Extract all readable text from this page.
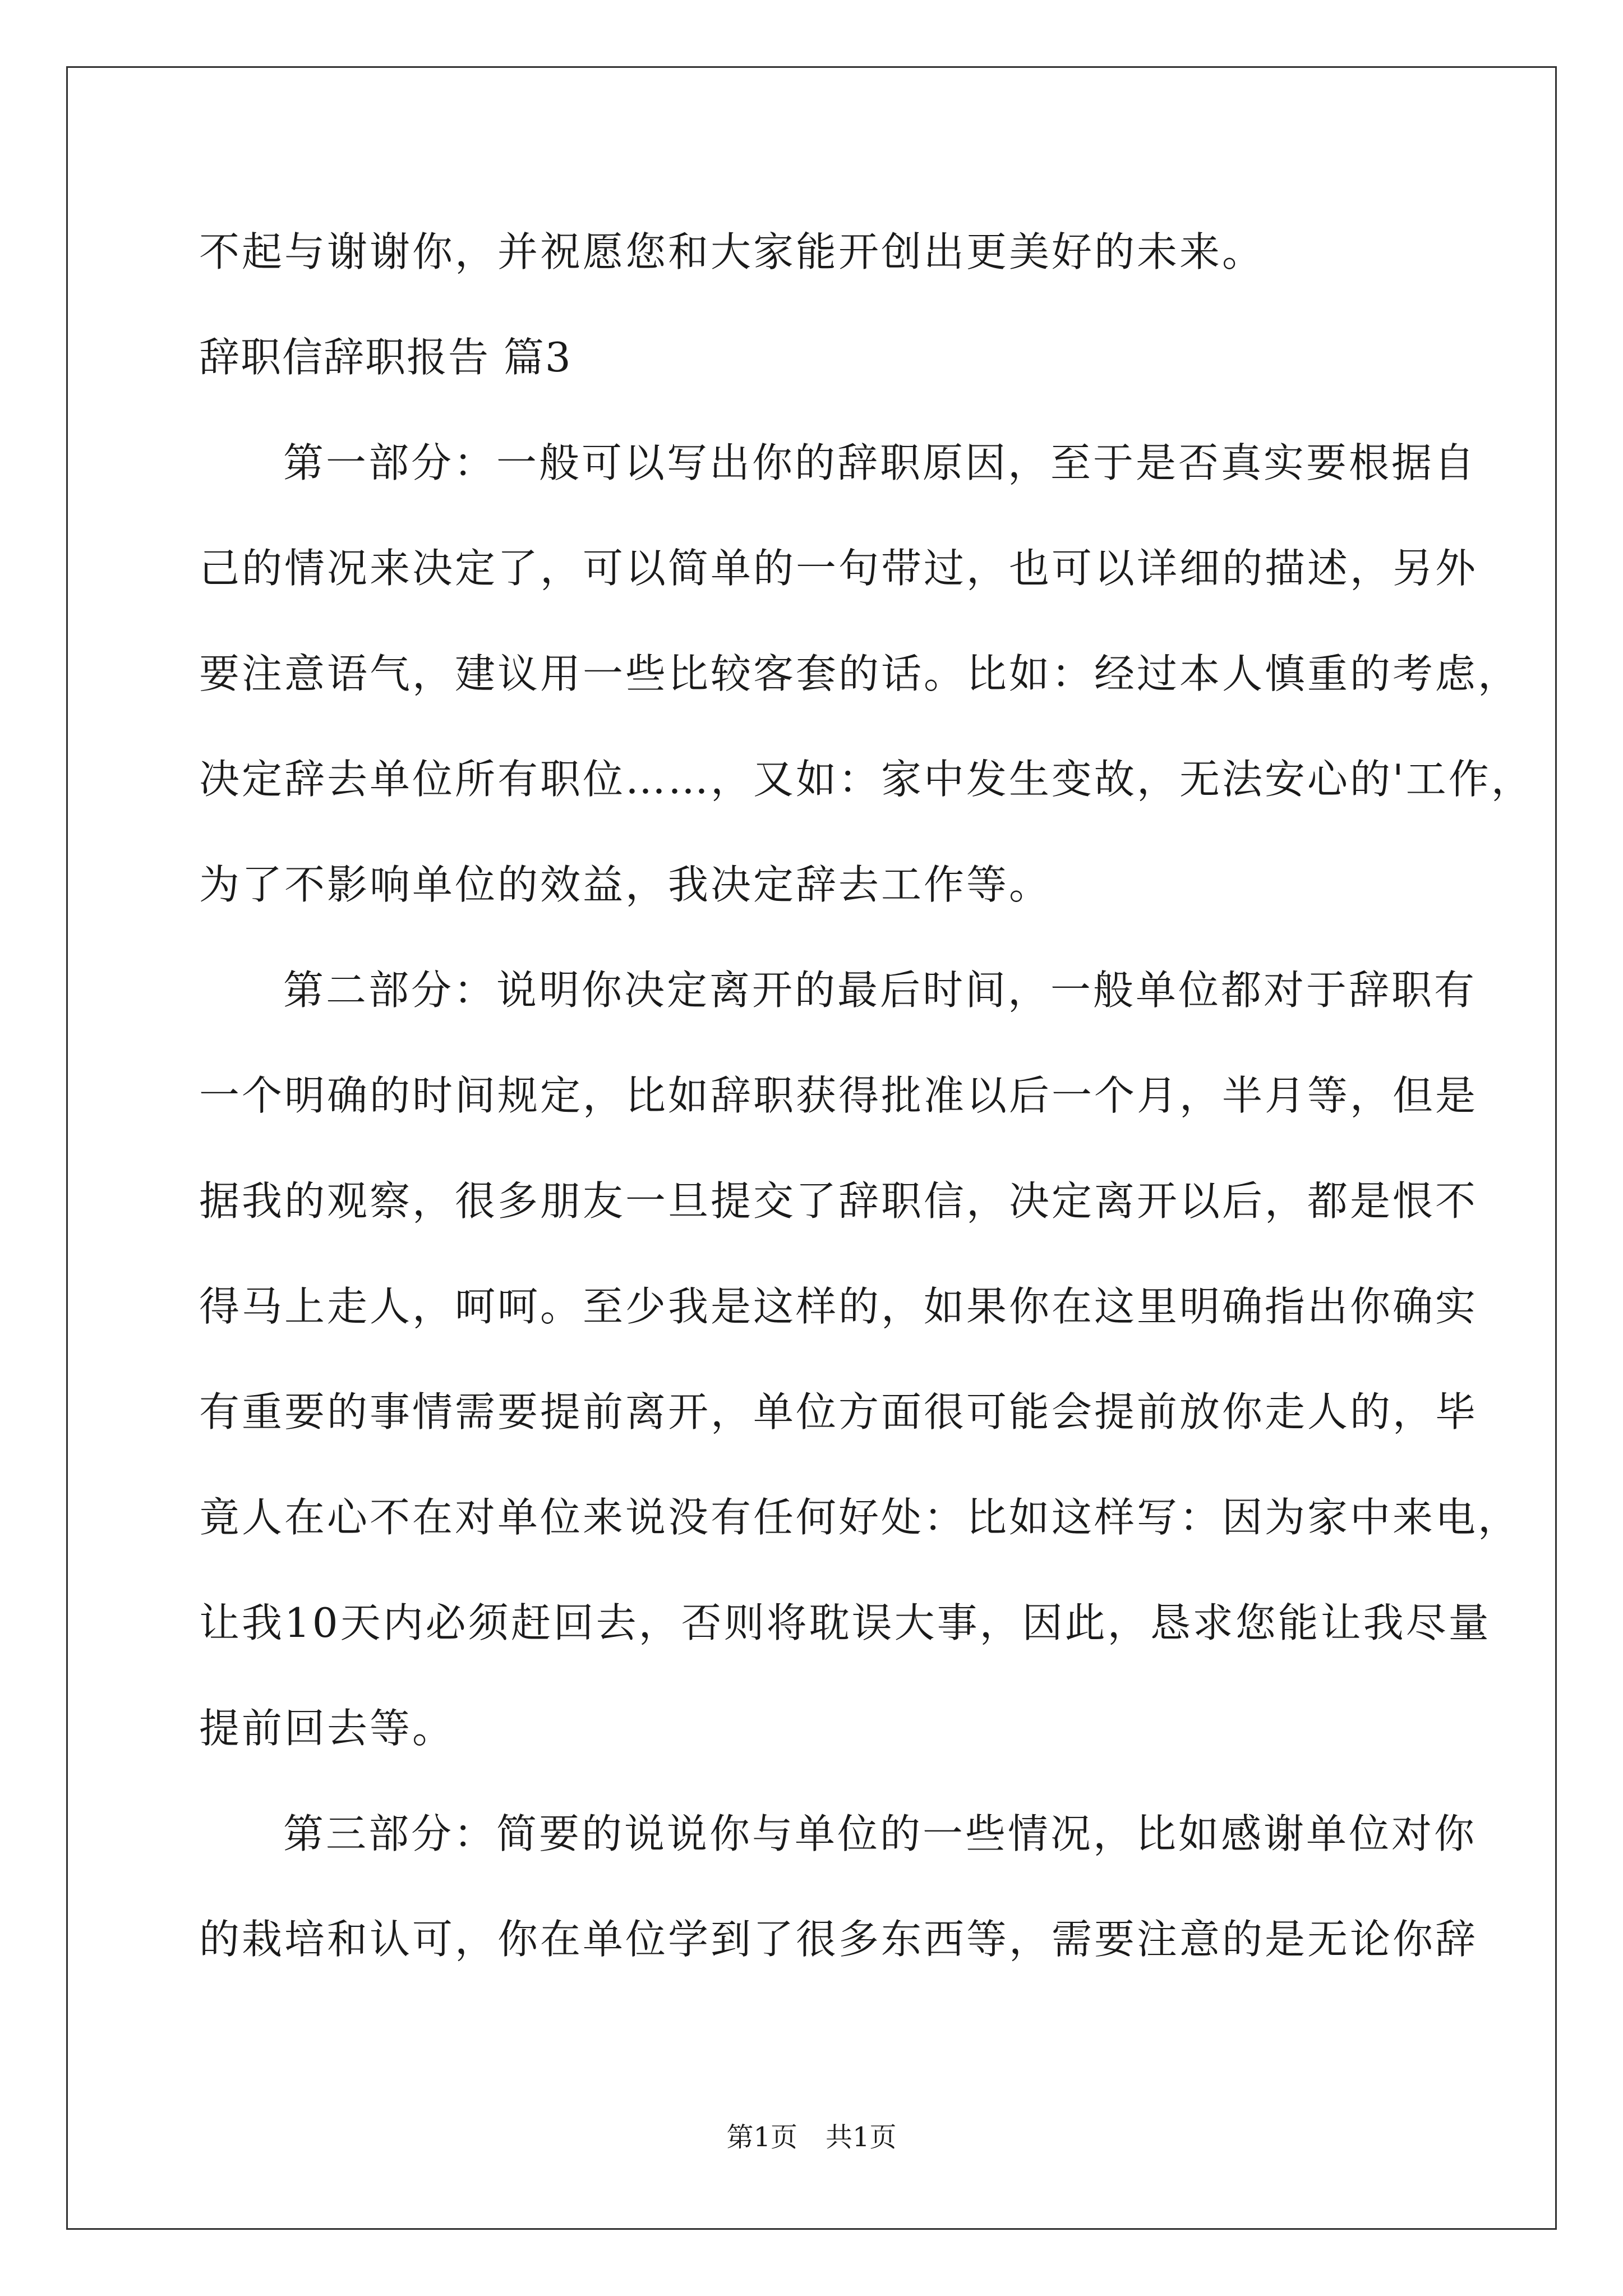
不起与谢谢你，并祝愿您和大家能开创出更美好的未来。
辞职信辞职报告 篇3
第一部分：一般可以写出你的辞职原因，至于是否真实要根据自
己的情况来决定了，可以简单的一句带过，也可以详细的描述，另外
要注意语气，建议用一些比较客套的话。比如：经过本人慎重的考虑，
决定辞去单位所有职位……，又如：家中发生变故，无法安心的'工作，
为了不影响单位的效益，我决定辞去工作等。
第二部分：说明你决定离开的最后时间，一般单位都对于辞职有
一个明确的时间规定，比如辞职获得批准以后一个月，半月等，但是
据我的观察，很多朋友一旦提交了辞职信，决定离开以后，都是恨不
得马上走人，呵呵。至少我是这样的，如果你在这里明确指出你确实
有重要的事情需要提前离开，单位方面很可能会提前放你走人的，毕
竟人在心不在对单位来说没有任何好处：比如这样写：因为家中来电，
让我10天内必须赶回去，否则将耽误大事，因此，恳求您能让我尽量
提前回去等。
第三部分：简要的说说你与单位的一些情况，比如感谢单位对你
的栽培和认可，你在单位学到了很多东西等，需要注意的是无论你辞
第1页 共1页
